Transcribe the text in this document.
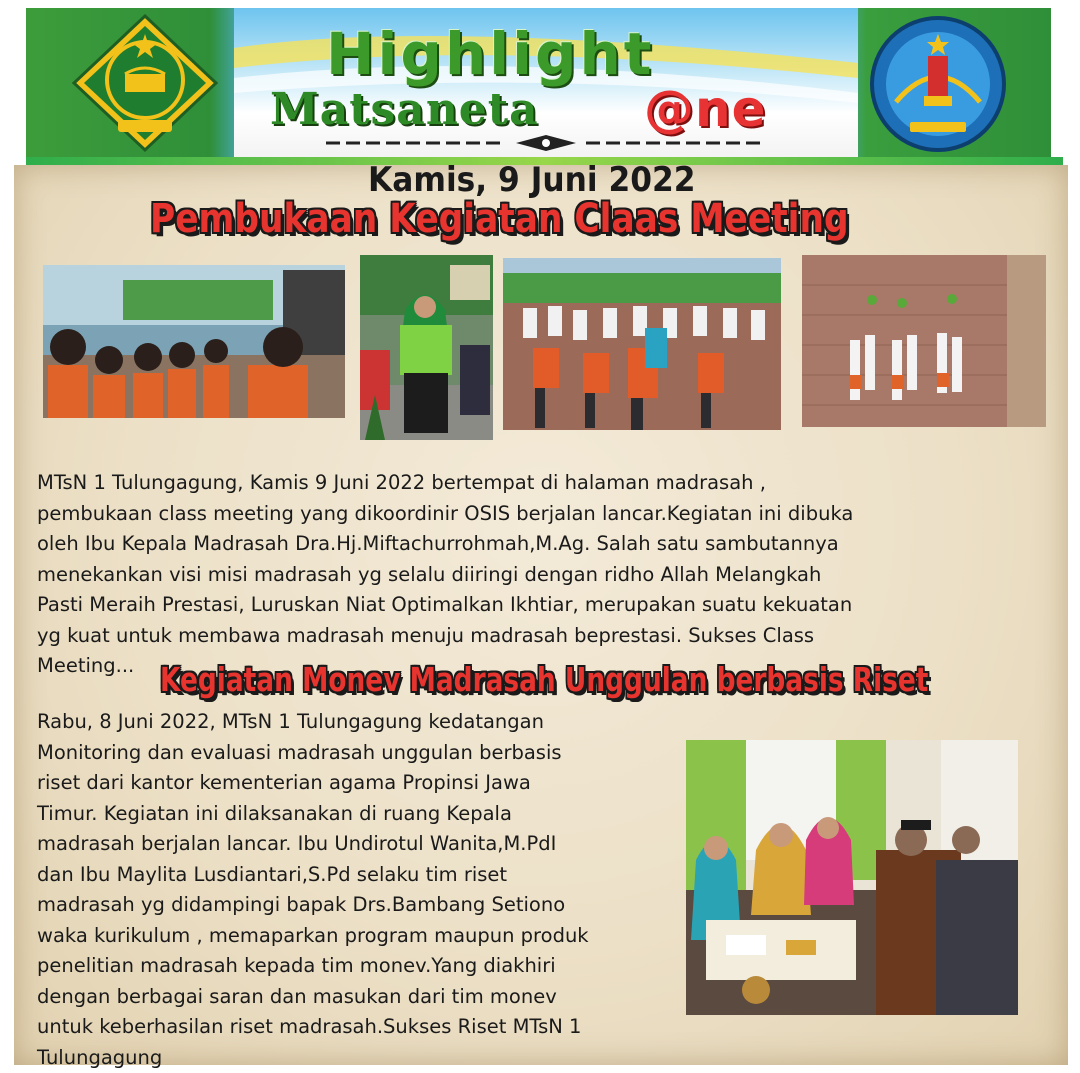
Highlight
Matsaneta @ne
Kamis, 9 Juni 2022
Pembukaan Kegiatan Claas Meeting

MTsN 1 Tulungagung, Kamis 9 Juni 2022 bertempat di halaman madrasah ,
pembukaan class meeting yang dikoordinir OSIS berjalan lancar.Kegiatan ini dibuka
oleh Ibu Kepala Madrasah Dra.Hj.Miftachurrohmah,M.Ag. Salah satu sambutannya
menekankan visi misi madrasah yg selalu diiringi dengan ridho Allah Melangkah
Pasti Meraih Prestasi, Luruskan Niat Optimalkan Ikhtiar, merupakan suatu kekuatan
yg kuat untuk membawa madrasah menuju madrasah beprestasi. Sukses Class
Meeting... Kegiatan Monev Madrasah Unggulan berbasis Riset

Rabu, 8 Juni 2022, MTsN 1 Tulungagung kedatangan
Monitoring dan evaluasi madrasah unggulan berbasis
riset dari kantor kementerian agama Propinsi Jawa
Timur. Kegiatan ini dilaksanakan di ruang Kepala
madrasah berjalan lancar. Ibu Undirotul Wanita,M.PdI
dan Ibu Maylita Lusdiantari,S.Pd selaku tim riset
madrasah yg didampingi bapak Drs.Bambang Setiono
waka kurikulum , memaparkan program maupun produk
penelitian madrasah kepada tim monev.Yang diakhiri
dengan berbagai saran dan masukan dari tim monev
untuk keberhasilan riset madrasah.Sukses Riset MTsN 1
Tulungagung
